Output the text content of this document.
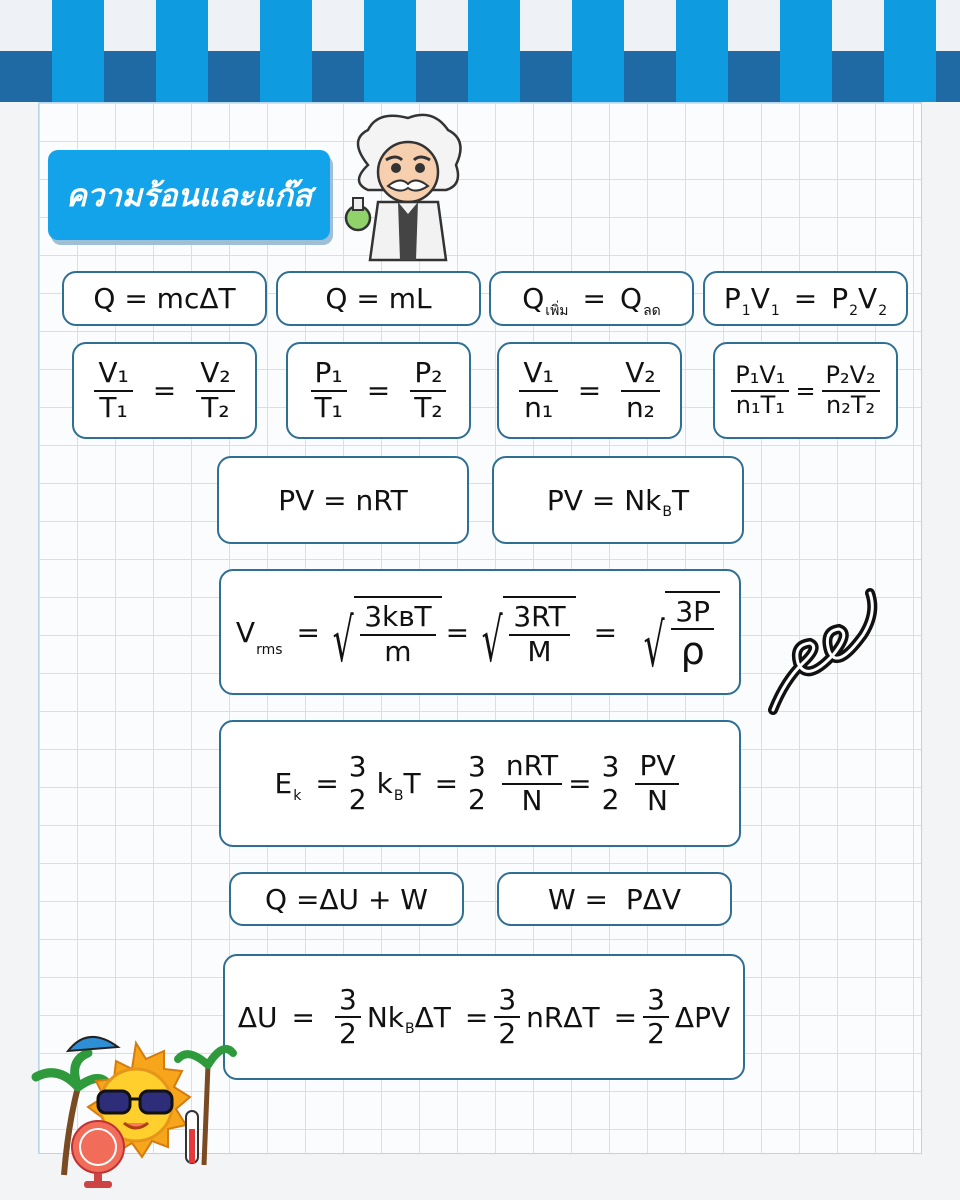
ความร้อนและแก๊ส
Q = mcΔT	Q = mL	Q เพิ่ม = Q ลด P 1 V 1 = P 2 V 2
$\frac{\text{V₁}}{\text{T₁}} = \frac{\text{V₂}}{\text{T₂}}$	$\frac{\text{P₁}}{\text{T₁}} = \frac{\text{P₂}}{\text{T₂}}$	$\frac{\text{V₁}}{\text{n₁}} = \frac{\text{V₂}}{\text{n₂}}$	$\frac{\text{P₁V₁}}{\text{n₁T₁}} = \frac{\text{P₂V₂}}{\text{n₂T₂}}$
PV = nRT	PV = Nk B T
V
rms
= √ $\frac{\text{3kʙT}}{m}$ = √ $\frac{3RT}{M}$ = √ $\frac{3P}{\rho}$
E k =
3
2 k B T =
3
$2 \frac{\text{nRT}}{N}$ =
3
$2 \frac{PV}{N}$
Q =ΔU + W	W =  PΔV
$\Delta U = \frac{3}{2}$ Nk B $\Delta T = \frac{3}{2}$ $nR\Delta T = \frac{3}{2}$ ΔPV
